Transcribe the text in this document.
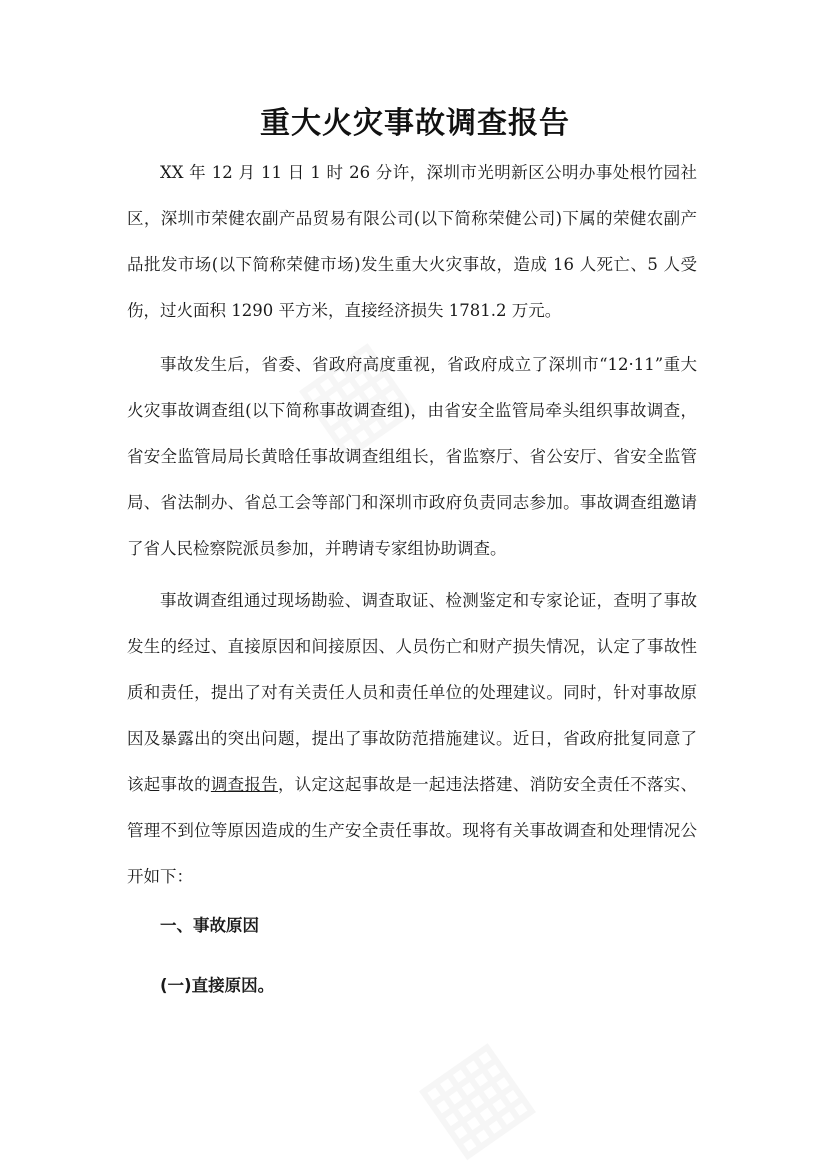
重大火灾事故调查报告

XX 年 12 月 11 日 1 时 26 分许，深圳市光明新区公明办事处根竹园社区，深圳市荣健农副产品贸易有限公司(以下简称荣健公司)下属的荣健农副产品批发市场(以下简称荣健市场)发生重大火灾事故，造成 16 人死亡、5 人受伤，过火面积 1290 平方米，直接经济损失 1781.2 万元。

事故发生后，省委、省政府高度重视，省政府成立了深圳市“12·11”重大火灾事故调查组(以下简称事故调查组)，由省安全监管局牵头组织事故调查，省安全监管局局长黄晗任事故调查组组长，省监察厅、省公安厅、省安全监管局、省法制办、省总工会等部门和深圳市政府负责同志参加。事故调查组邀请了省人民检察院派员参加，并聘请专家组协助调查。

事故调查组通过现场勘验、调查取证、检测鉴定和专家论证，查明了事故发生的经过、直接原因和间接原因、人员伤亡和财产损失情况，认定了事故性质和责任，提出了对有关责任人员和责任单位的处理建议。同时，针对事故原因及暴露出的突出问题，提出了事故防范措施建议。近日，省政府批复同意了该起事故的调查报告，认定这起事故是一起违法搭建、消防安全责任不落实、管理不到位等原因造成的生产安全责任事故。现将有关事故调查和处理情况公开如下：

一、事故原因
(一)直接原因。
